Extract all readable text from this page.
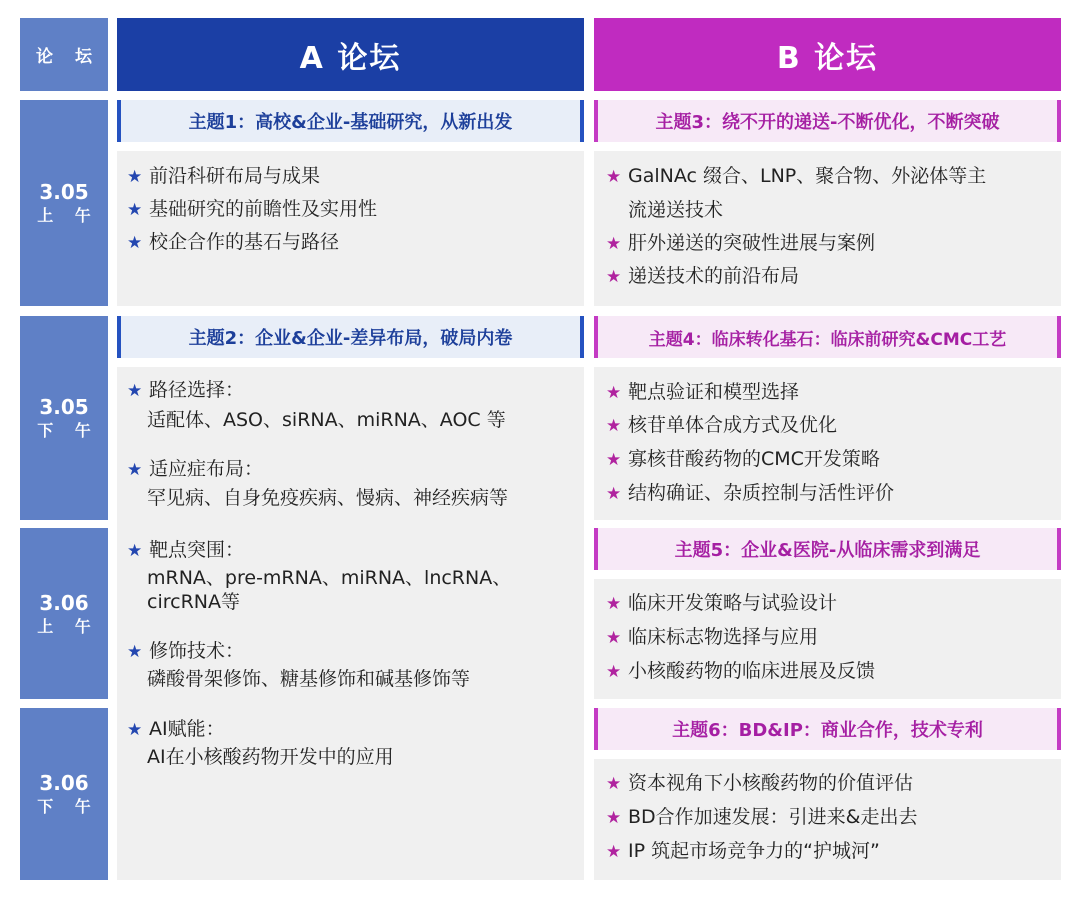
论 坛
3.05
上 午
3.05
下 午
3.06
上 午
3.06
下 午
A 论坛	B 论坛
主题1：高校&企业-基础研究，从新出发
★ 前沿科研布局与成果
★ 基础研究的前瞻性及实用性
★ 校企合作的基石与路径
主题2：企业&企业-差异布局，破局内卷
★ 路径选择：
适配体、ASO、siRNA、miRNA、AOC 等
★ 适应症布局：
罕见病、自身免疫疾病、慢病、神经疾病等
★ 靶点突围：
mRNA、pre-mRNA、miRNA、lncRNA、
circRNA等
★ 修饰技术：
磷酸骨架修饰、糖基修饰和碱基修饰等
★ AI赋能：
AI在小核酸药物开发中的应用
主题3：绕不开的递送-不断优化，不断突破
★ GalNAc 缀合、LNP、聚合物、外泌体等主
流递送技术
★ 肝外递送的突破性进展与案例
★ 递送技术的前沿布局
主题4：临床转化基石：临床前研究&CMC工艺
★ 靶点验证和模型选择
★ 核苷单体合成方式及优化
★ 寡核苷酸药物的CMC开发策略
★ 结构确证、杂质控制与活性评价
主题5：企业&医院-从临床需求到满足
★ 临床开发策略与试验设计
★ 临床标志物选择与应用
★ 小核酸药物的临床进展及反馈
主题6：BD&IP：商业合作，技术专利
★ 资本视角下小核酸药物的价值评估
★ BD合作加速发展：引进来&走出去
★ IP 筑起市场竞争力的“护城河”
